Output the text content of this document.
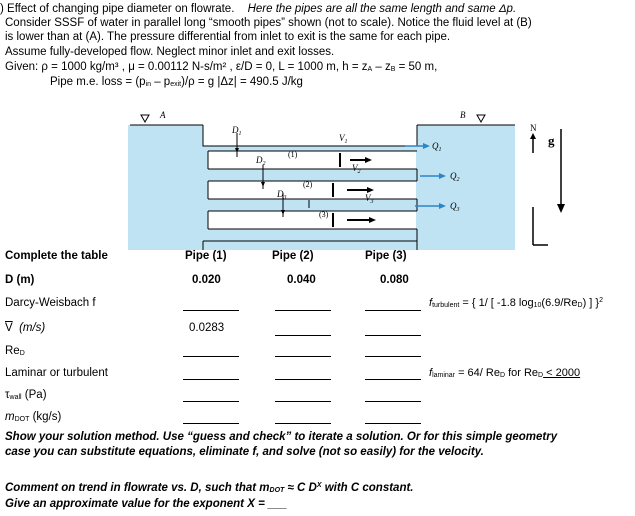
) Effect of changing pipe diameter on flowrate. Here the pipes are all the same length and same Δp.
Consider SSSF of water in parallel long “smooth pipes” shown (not to scale). Notice the fluid level at (B)
is lower than at (A). The pressure differential from inlet to exit is the same for each pipe.
Assume fully-developed flow. Neglect minor inlet and exit losses.
Given: ρ = 1000 kg/m³ , μ = 0.00112 N-s/m² , ε/D = 0, L = 1000 m, $h = z_A - z_B = 50$ m,
Pipe m.e. loss = $(p_{in} - p_{exit})/\rho = g$ |Δz| = 490.5 J/kg
A	B
$D_1$
$D_2$
$D_3$
(1)
(2)
(3)
$V_1$
$V_2$
$V_3$
$Q_1$
$Q_2$
$Q_3$
N
g
Complete the table	Pipe (1)	Pipe (2)	Pipe (3)
D (m)	0.020	0.040	0.080
Darcy-Weisbach f
$\overline{V}$ (m/s)	0.0283
$Re_D$
Laminar or turbulent
$\tau_{wall}$ (Pa)
$m_{DOT}$ (kg/s)
$f_{turbulent}$ = { 1/ [ -1.8 $\log_{10}(6.9/Re_D)$ ] }$^2$
$f_{laminar} = 64/$ $Re_D$ for $Re_D < 2000$
Show your solution method. Use “guess and check” to iterate a solution. Or for this simple geometry
case you can substitute equations, eliminate f, and solve (not so easily) for the velocity.
Comment on trend in flowrate vs. D, such that $m_{DOT} \approx C$ $D^X$ with C constant.
Give an approximate value for the exponent X = ___
